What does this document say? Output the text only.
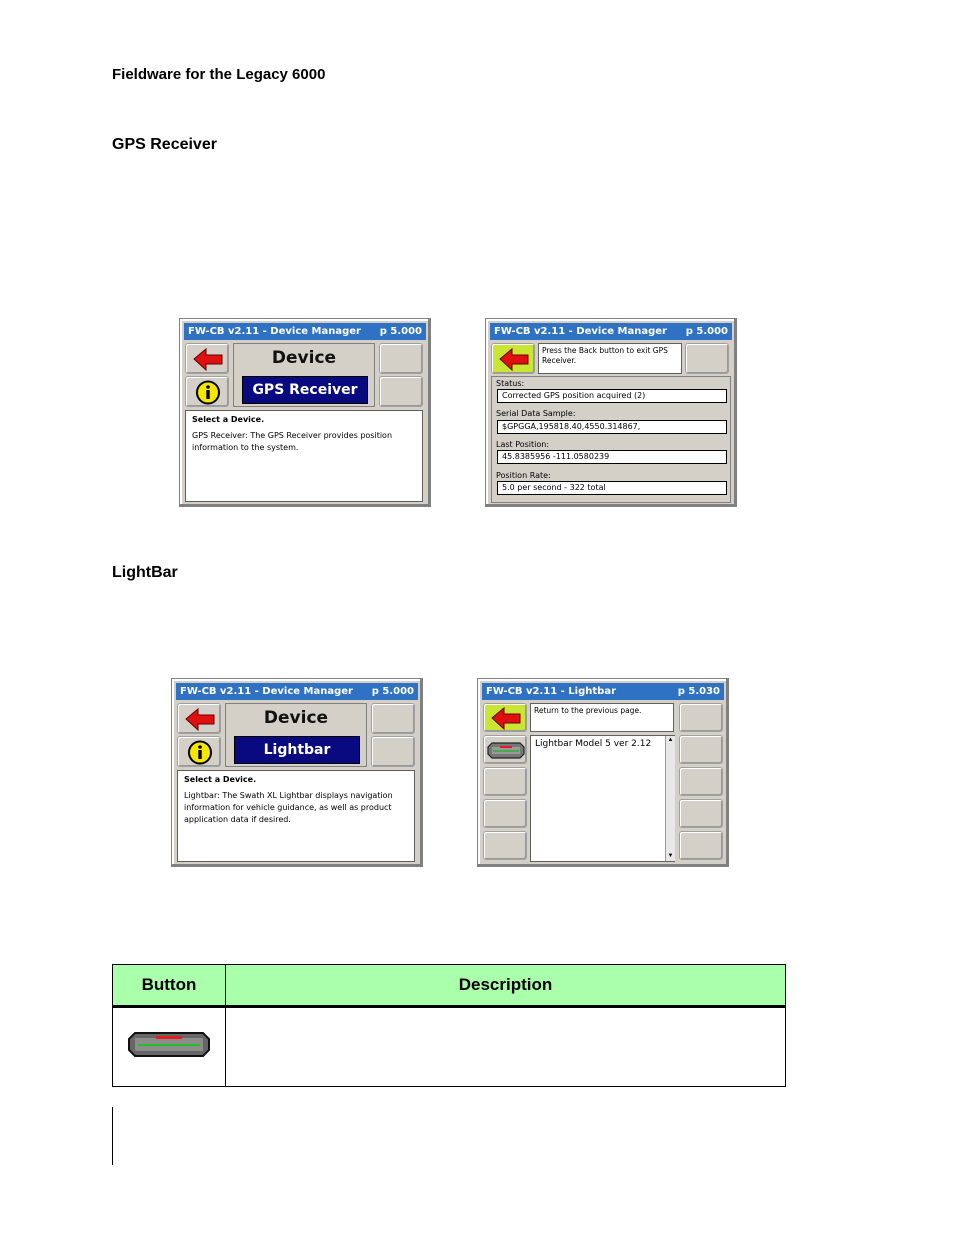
Fieldware for the Legacy 6000
GPS Receiver
FW-CB v2.11 - Device Manager p 5.000
Device
GPS Receiver
Select a Device.
GPS Receiver: The GPS Receiver provides position information to the system.
FW-CB v2.11 - Device Manager p 5.000
Press the Back button to exit GPS Receiver.
Status:
Corrected GPS position acquired (2)
Serial Data Sample:
$GPGGA,195818.40,4550.314867,
Last Position:
45.8385956 -111.0580239
Position Rate:
5.0 per second - 322 total
LightBar
FW-CB v2.11 - Device Manager p 5.000
Device
Lightbar
Select a Device.
Lightbar: The Swath XL Lightbar displays navigation information for vehicle guidance, as well as product application data if desired.
FW-CB v2.11 - Lightbar	p 5.030
Return to the previous page.
Lightbar Model 5 ver 2.12	▲
▼
Button	Description
